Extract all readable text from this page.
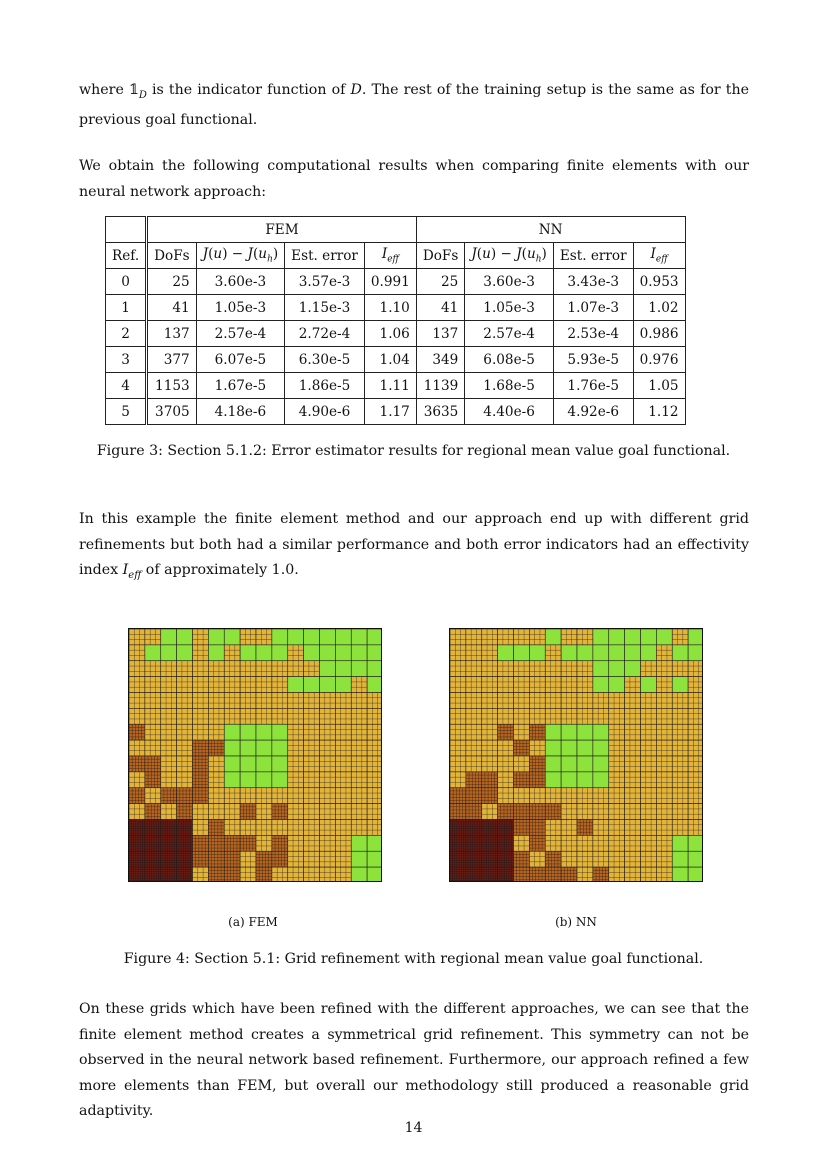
where $𝟙_D$ is the indicator function of D. The rest of the training setup is the same as for the previous goal functional.

We obtain the following computational results when comparing finite elements with our neural network approach:

	FEM				NN			
Ref.	DoFs	$J(u) - J(u_h)$	Est. error	$I_{eff}$	DoFs	$J(u) - J(u_h)$	Est. error	$I_{eff}$
0	25	3.60e-3	3.57e-3	0.991	25	3.60e-3	3.43e-3	0.953
1	41	1.05e-3	1.15e-3	1.10	41	1.05e-3	1.07e-3	1.02
2	137	2.57e-4	2.72e-4	1.06	137	2.57e-4	2.53e-4	0.986
3	377	6.07e-5	6.30e-5	1.04	349	6.08e-5	5.93e-5	0.976
4	1153	1.67e-5	1.86e-5	1.11	1139	1.68e-5	1.76e-5	1.05
5	3705	4.18e-6	4.90e-6	1.17	3635	4.40e-6	4.92e-6	1.12
Figure 3: Section 5.1.2: Error estimator results for regional mean value goal functional.

In this example the finite element method and our approach end up with different grid refinements but both had a similar performance and both error indicators had an effectivity index $I_{eff}$ of approximately 1.0.

(a) FEM	(b) NN
Figure 4: Section 5.1: Grid refinement with regional mean value goal functional.

On these grids which have been refined with the different approaches, we can see that the finite element method creates a symmetrical grid refinement. This symmetry can not be observed in the neural network based refinement. Furthermore, our approach refined a few more elements than FEM, but overall our methodology still produced a reasonable grid adaptivity.

14
